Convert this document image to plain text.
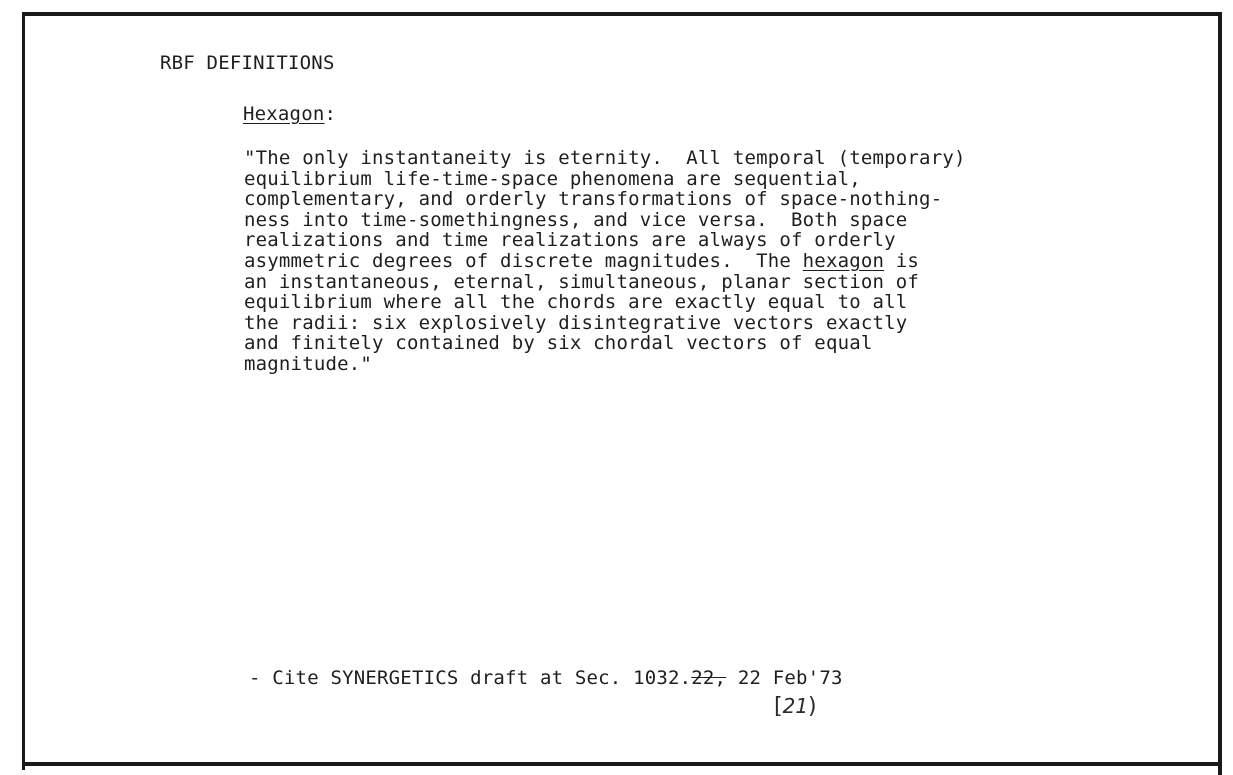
RBF DEFINITIONS
Hexagon:
"The only instantaneity is eternity.  All temporal (temporary)
equilibrium life-time-space phenomena are sequential,
complementary, and orderly transformations of space-nothing-
ness into time-somethingness, and vice versa.  Both space
realizations and time realizations are always of orderly
asymmetric degrees of discrete magnitudes.  The hexagon is
an instantaneous, eternal, simultaneous, planar section of
equilibrium where all the chords are exactly equal to all
the radii: six explosively disintegrative vectors exactly
and finitely contained by six chordal vectors of equal
magnitude."
- Cite SYNERGETICS draft at Sec. 1032.22, 22 Feb'73
[21)
